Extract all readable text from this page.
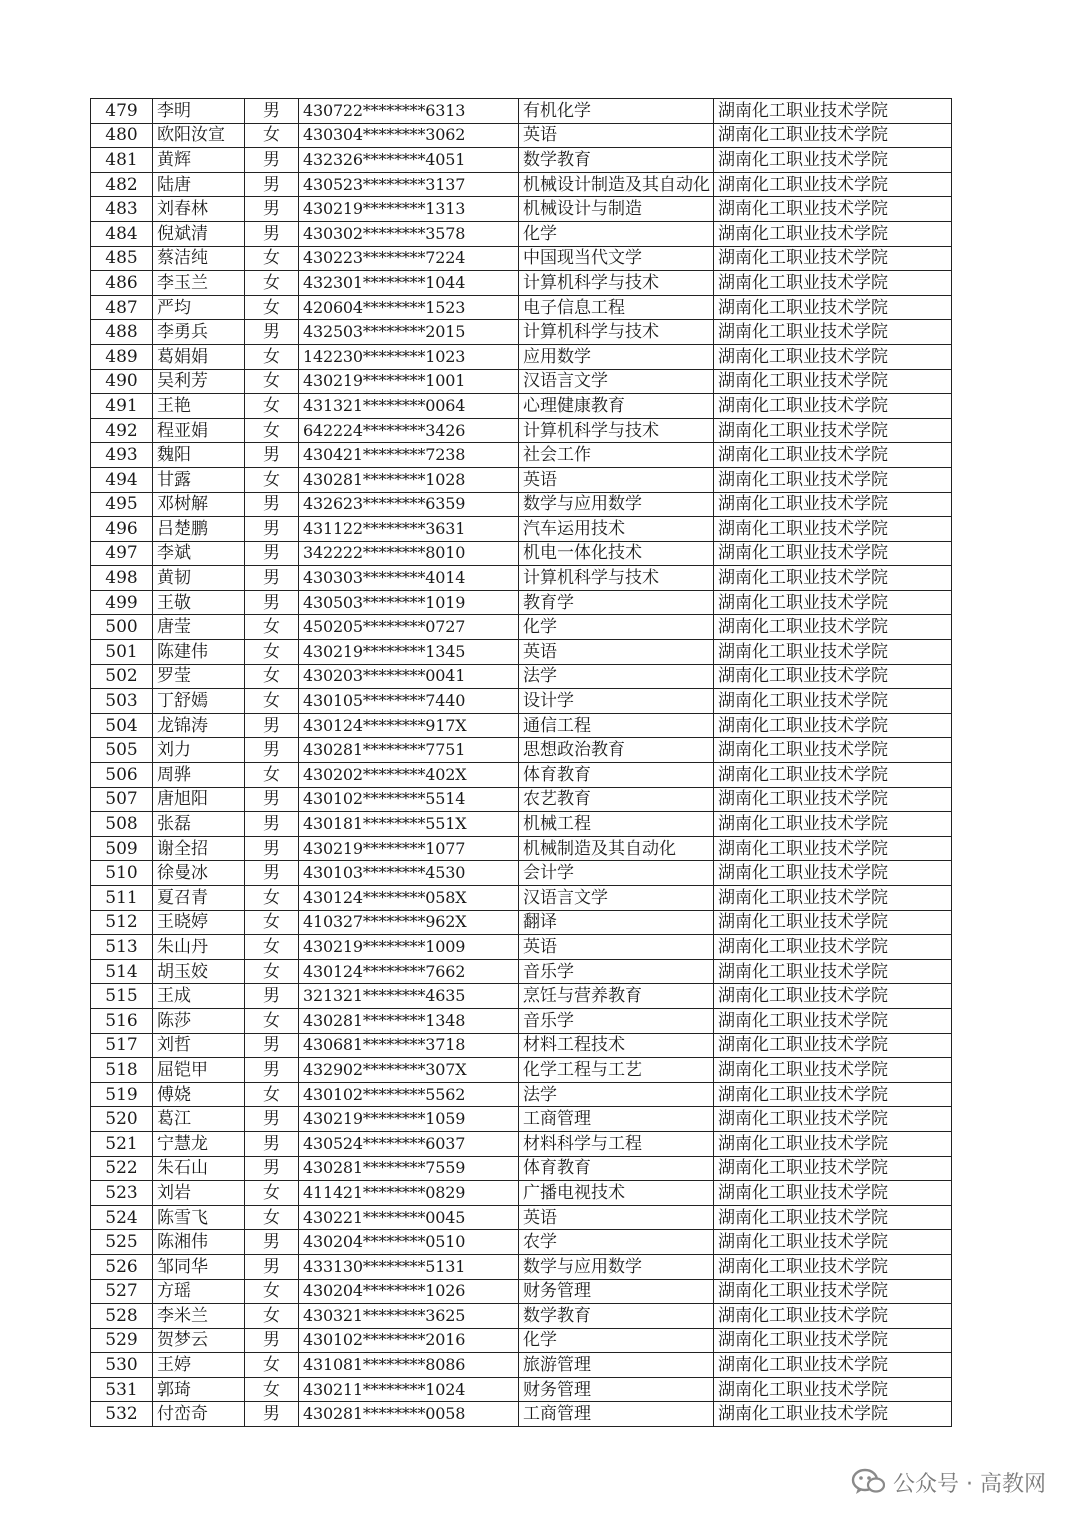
479	李明	男	430722********6313	有机化学	湖南化工职业技术学院
480	欧阳汝宣	女	430304********3062	英语	湖南化工职业技术学院
481	黄辉	男	432326********4051	数学教育	湖南化工职业技术学院
482	陆唐	男	430523********3137	机械设计制造及其自动化	湖南化工职业技术学院
483	刘春林	男	430219********1313	机械设计与制造	湖南化工职业技术学院
484	倪斌清	男	430302********3578	化学	湖南化工职业技术学院
485	蔡洁纯	女	430223********7224	中国现当代文学	湖南化工职业技术学院
486	李玉兰	女	432301********1044	计算机科学与技术	湖南化工职业技术学院
487	严均	女	420604********1523	电子信息工程	湖南化工职业技术学院
488	李勇兵	男	432503********2015	计算机科学与技术	湖南化工职业技术学院
489	葛娟娟	女	142230********1023	应用数学	湖南化工职业技术学院
490	吴利芳	女	430219********1001	汉语言文学	湖南化工职业技术学院
491	王艳	女	431321********0064	心理健康教育	湖南化工职业技术学院
492	程亚娟	女	642224********3426	计算机科学与技术	湖南化工职业技术学院
493	魏阳	男	430421********7238	社会工作	湖南化工职业技术学院
494	甘露	女	430281********1028	英语	湖南化工职业技术学院
495	邓树解	男	432623********6359	数学与应用数学	湖南化工职业技术学院
496	吕楚鹏	男	431122********3631	汽车运用技术	湖南化工职业技术学院
497	李斌	男	342222********8010	机电一体化技术	湖南化工职业技术学院
498	黄韧	男	430303********4014	计算机科学与技术	湖南化工职业技术学院
499	王敬	男	430503********1019	教育学	湖南化工职业技术学院
500	唐莹	女	450205********0727	化学	湖南化工职业技术学院
501	陈建伟	女	430219********1345	英语	湖南化工职业技术学院
502	罗莹	女	430203********0041	法学	湖南化工职业技术学院
503	丁舒嫣	女	430105********7440	设计学	湖南化工职业技术学院
504	龙锦涛	男	430124********917X	通信工程	湖南化工职业技术学院
505	刘力	男	430281********7751	思想政治教育	湖南化工职业技术学院
506	周骅	女	430202********402X	体育教育	湖南化工职业技术学院
507	唐旭阳	男	430102********5514	农艺教育	湖南化工职业技术学院
508	张磊	男	430181********551X	机械工程	湖南化工职业技术学院
509	谢全招	男	430219********1077	机械制造及其自动化	湖南化工职业技术学院
510	徐曼冰	男	430103********4530	会计学	湖南化工职业技术学院
511	夏召青	女	430124********058X	汉语言文学	湖南化工职业技术学院
512	王晓婷	女	410327********962X	翻译	湖南化工职业技术学院
513	朱山丹	女	430219********1009	英语	湖南化工职业技术学院
514	胡玉姣	女	430124********7662	音乐学	湖南化工职业技术学院
515	王成	男	321321********4635	烹饪与营养教育	湖南化工职业技术学院
516	陈莎	女	430281********1348	音乐学	湖南化工职业技术学院
517	刘哲	男	430681********3718	材料工程技术	湖南化工职业技术学院
518	屈铠甲	男	432902********307X	化学工程与工艺	湖南化工职业技术学院
519	傅娆	女	430102********5562	法学	湖南化工职业技术学院
520	葛江	男	430219********1059	工商管理	湖南化工职业技术学院
521	宁慧龙	男	430524********6037	材料科学与工程	湖南化工职业技术学院
522	朱石山	男	430281********7559	体育教育	湖南化工职业技术学院
523	刘岩	女	411421********0829	广播电视技术	湖南化工职业技术学院
524	陈雪飞	女	430221********0045	英语	湖南化工职业技术学院
525	陈湘伟	男	430204********0510	农学	湖南化工职业技术学院
526	邹同华	男	433130********5131	数学与应用数学	湖南化工职业技术学院
527	方瑶	女	430204********1026	财务管理	湖南化工职业技术学院
528	李米兰	女	430321********3625	数学教育	湖南化工职业技术学院
529	贺梦云	男	430102********2016	化学	湖南化工职业技术学院
530	王婷	女	431081********8086	旅游管理	湖南化工职业技术学院
531	郭琦	女	430211********1024	财务管理	湖南化工职业技术学院
532	付峦奇	男	430281********0058	工商管理	湖南化工职业技术学院
公众号 · 高教网
